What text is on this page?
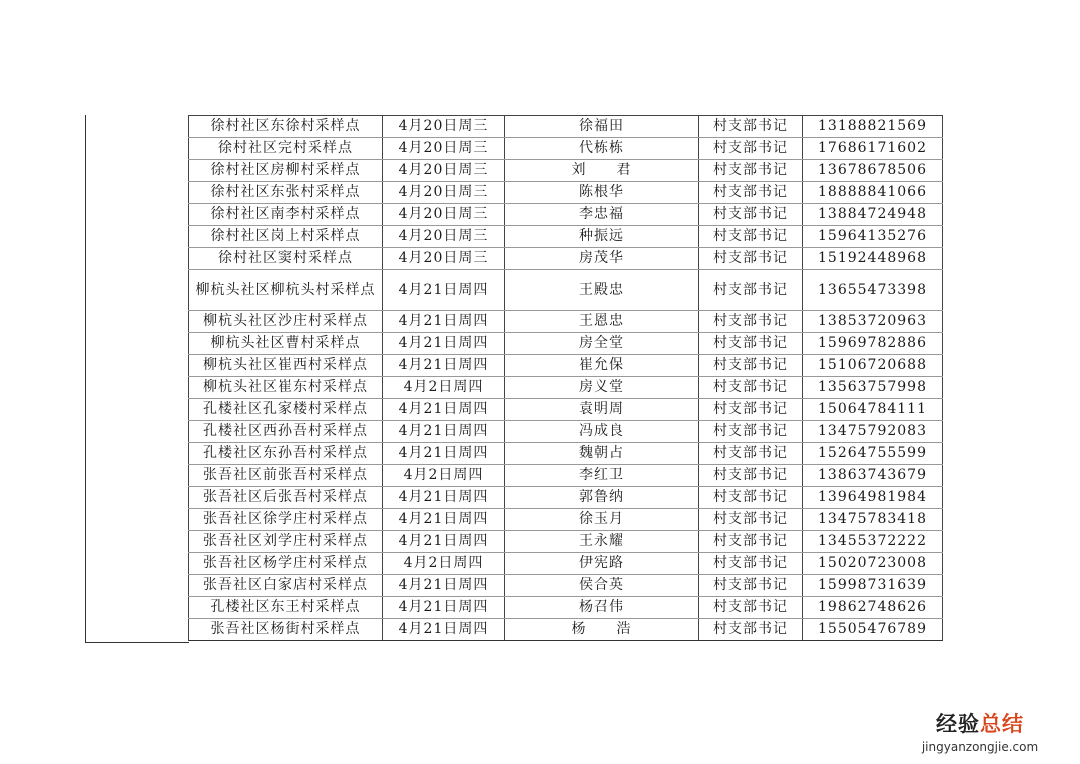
徐村社区东徐村采样点	4月20日周三	徐福田	村支部书记	13188821569
徐村社区完村采样点	4月20日周三	代栋栋	村支部书记	17686171602
徐村社区房柳村采样点	4月20日周三	刘　　君	村支部书记	13678678506
徐村社区东张村采样点	4月20日周三	陈根华	村支部书记	18888841066
徐村社区南李村采样点	4月20日周三	李忠福	村支部书记	13884724948
徐村社区岗上村采样点	4月20日周三	种振远	村支部书记	15964135276
徐村社区窦村采样点	4月20日周三	房茂华	村支部书记	15192448968
柳杭头社区柳杭头村采样点	4月21日周四	王殿忠	村支部书记	13655473398
柳杭头社区沙庄村采样点	4月21日周四	王恩忠	村支部书记	13853720963
柳杭头社区曹村采样点	4月21日周四	房全堂	村支部书记	15969782886
柳杭头社区崔西村采样点	4月21日周四	崔允保	村支部书记	15106720688
柳杭头社区崔东村采样点	4月2日周四	房义堂	村支部书记	13563757998
孔楼社区孔家楼村采样点	4月21日周四	袁明周	村支部书记	15064784111
孔楼社区西孙吾村采样点	4月21日周四	冯成良	村支部书记	13475792083
孔楼社区东孙吾村采样点	4月21日周四	魏朝占	村支部书记	15264755599
张吾社区前张吾村采样点	4月2日周四	李红卫	村支部书记	13863743679
张吾社区后张吾村采样点	4月21日周四	郭鲁纳	村支部书记	13964981984
张吾社区徐学庄村采样点	4月21日周四	徐玉月	村支部书记	13475783418
张吾社区刘学庄村采样点	4月21日周四	王永耀	村支部书记	13455372222
张吾社区杨学庄村采样点	4月2日周四	伊宪路	村支部书记	15020723008
张吾社区白家店村采样点	4月21日周四	侯合英	村支部书记	15998731639
孔楼社区东王村采样点	4月21日周四	杨召伟	村支部书记	19862748626
张吾社区杨街村采样点	4月21日周四	杨　　浩	村支部书记	15505476789
经验总结
jingyanzongjie.com
